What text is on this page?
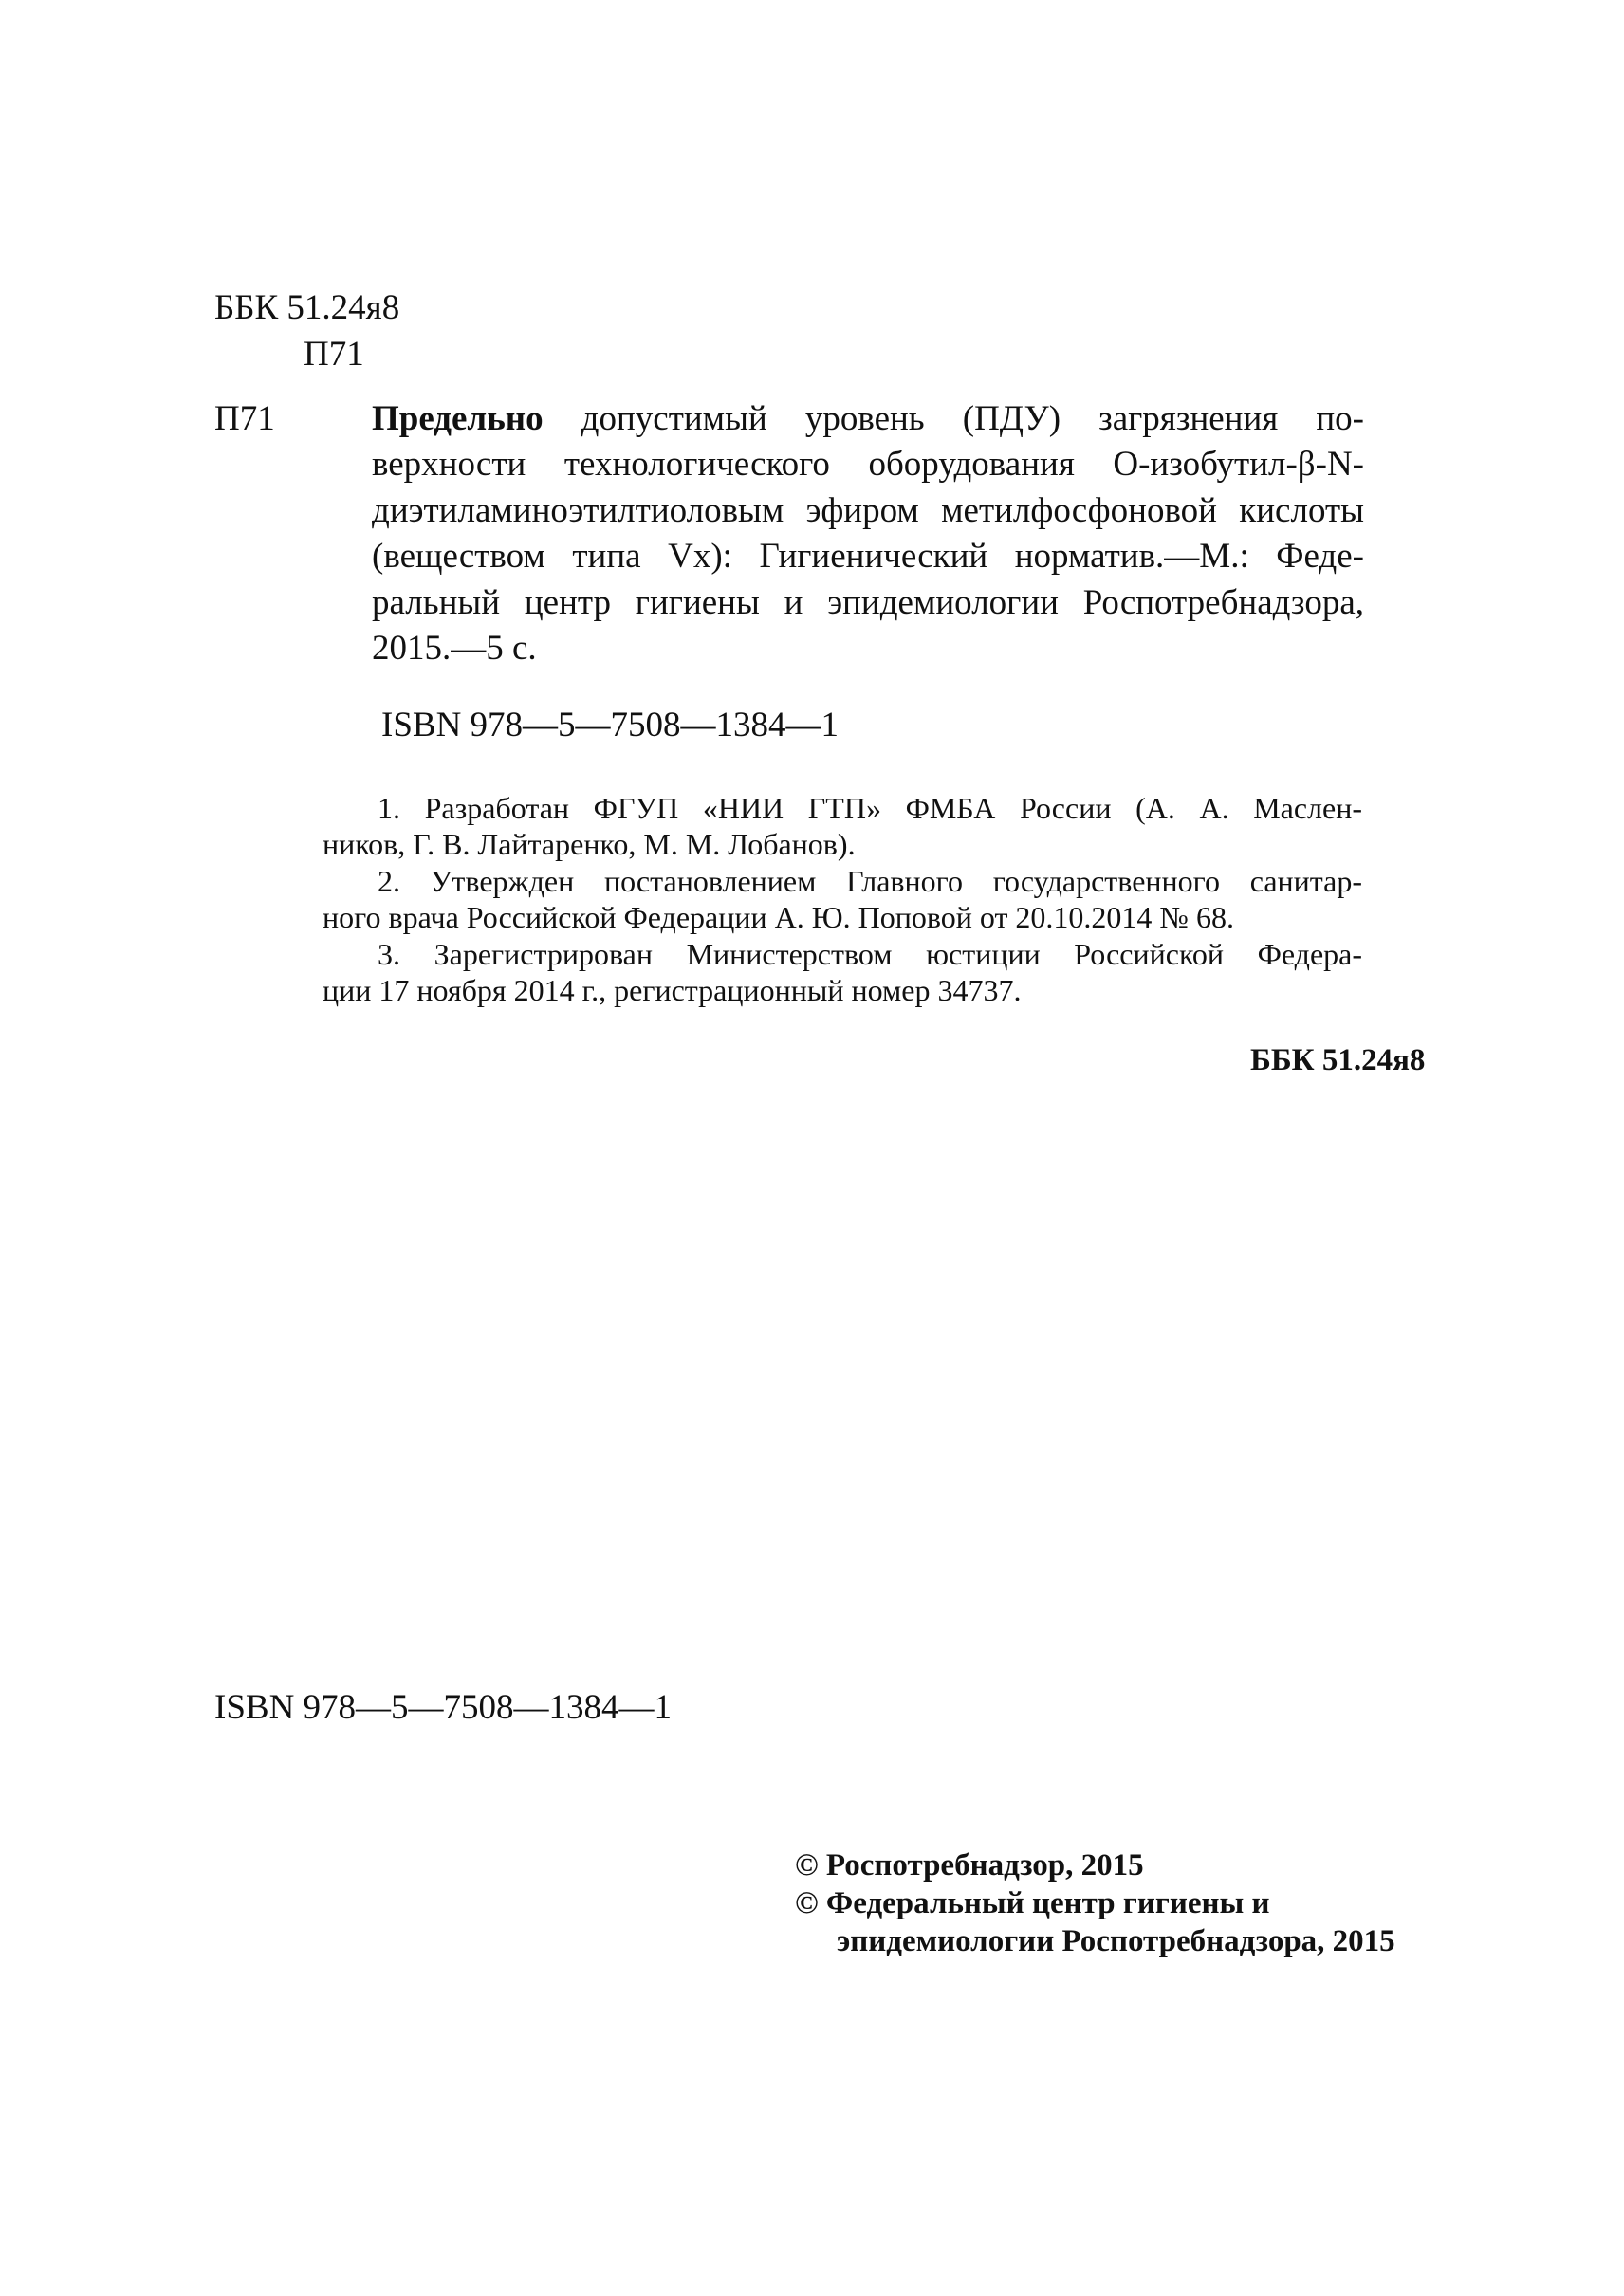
ББК 51.24я8
П71
П71	Предельно допустимый уровень (ПДУ) загрязнения по-
верхности технологического оборудования О-изобутил-β-N-
диэтиламиноэтилтиоловым эфиром метилфосфоновой кислоты
(веществом типа Vx): Гигиенический норматив.—М.: Феде-
ральный центр гигиены и эпидемиологии Роспотребнадзора,
2015.—5 с.
ISBN 978—5—7508—1384—1
1. Разработан ФГУП «НИИ ГТП» ФМБА России (А. А. Маслен-
ников, Г. В. Лайтаренко, М. М. Лобанов).
2. Утвержден постановлением Главного государственного санитар-
ного врача Российской Федерации А. Ю. Поповой от 20.10.2014 № 68.
3. Зарегистрирован Министерством юстиции Российской Федера-
ции 17 ноября 2014 г., регистрационный номер 34737.
ББК 51.24я8
ISBN 978—5—7508—1384—1
© Роспотребнадзор, 2015
© Федеральный центр гигиены и
эпидемиологии Роспотребнадзора, 2015
